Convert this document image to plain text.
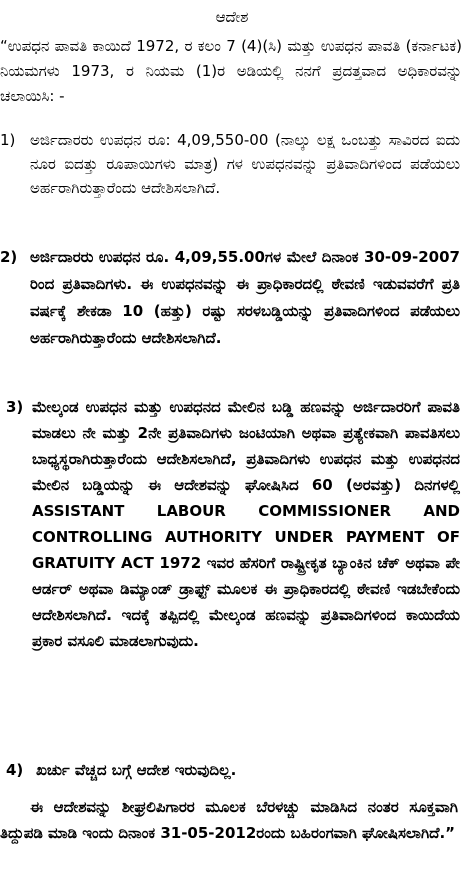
ಆದೇಶ
“ಉಪಧನ ಪಾವತಿ ಕಾಯಿದೆ 1972, ರ ಕಲಂ 7 (4)(ಸಿ) ಮತ್ತು ಉಪಧನ ಪಾವತಿ (ಕರ್ನಾಟಕ) ನಿಯಮಗಳು 1973, ರ ನಿಯಮ (1)ರ ಅಡಿಯಲ್ಲಿ ನನಗೆ ಪ್ರದತ್ತವಾದ ಅಧಿಕಾರವನ್ನು ಚಲಾಯಿಸಿ: -
1) ಅರ್ಜಿದಾರರು ಉಪಧನ ರೂ: 4,09,550-00 (ನಾಲ್ಕು ಲಕ್ಷ ಒಂಬತ್ತು ಸಾವಿರದ ಐದು ನೂರ ಐದತ್ತು ರೂಪಾಯಿಗಳು ಮಾತ್ರ) ಗಳ ಉಪಧನವನ್ನು ಪ್ರತಿವಾದಿಗಳಿಂದ ಪಡೆಯಲು ಅರ್ಹರಾಗಿರುತ್ತಾರೆಂದು ಆದೇಶಿಸಲಾಗಿದೆ.
2) ಅರ್ಜಿದಾರರು ಉಪಧನ ರೂ. 4,09,55.00ಗಳ ಮೇಲೆ ದಿನಾಂಕ 30-09-2007 ರಿಂದ ಪ್ರತಿವಾದಿಗಳು. ಈ ಉಪಧನವನ್ನು ಈ ಪ್ರಾಧಿಕಾರದಲ್ಲಿ ಠೇವಣಿ ಇಡುವವರೆಗೆ ಪ್ರತಿ ವರ್ಷಕ್ಕೆ ಶೇಕಡಾ 10 (ಹತ್ತು) ರಷ್ಟು ಸರಳಬಡ್ಡಿಯನ್ನು ಪ್ರತಿವಾದಿಗಳಿಂದ ಪಡೆಯಲು ಅರ್ಹರಾಗಿರುತ್ತಾರೆಂದು ಆದೇಶಿಸಲಾಗಿದೆ.
3) ಮೇಲ್ಕಂಡ ಉಪಧನ ಮತ್ತು ಉಪಧನದ ಮೇಲಿನ ಬಡ್ಡಿ ಹಣವನ್ನು ಅರ್ಜಿದಾರರಿಗೆ ಪಾವತಿ ಮಾಡಲು ನೇ ಮತ್ತು 2ನೇ ಪ್ರತಿವಾದಿಗಳು ಜಂಟಿಯಾಗಿ ಅಥವಾ ಪ್ರತ್ಯೇಕವಾಗಿ ಪಾವತಿಸಲು ಬಾಧ್ಯಸ್ಥರಾಗಿರುತ್ತಾರೆಂದು ಆದೇಶಿಸಲಾಗಿದೆ, ಪ್ರತಿವಾದಿಗಳು ಉಪಧನ ಮತ್ತು ಉಪಧನದ ಮೇಲಿನ ಬಡ್ಡಿಯನ್ನು ಈ ಆದೇಶವನ್ನು ಘೋಷಿಸಿದ 60 (ಅರವತ್ತು) ದಿನಗಳಲ್ಲಿ ASSISTANT LABOUR COMMISSIONER AND CONTROLLING AUTHORITY UNDER PAYMENT OF GRATUITY ACT 1972 ಇವರ ಹೆಸರಿಗೆ ರಾಷ್ಟ್ರೀಕೃತ ಬ್ಯಾಂಕಿನ ಚೆಕ್ ಅಥವಾ ಪೇ ಆರ್ಡರ್ ಅಥವಾ ಡಿಮ್ಯಾಂಡ್ ಡ್ರಾಫ್ಟ್ ಮೂಲಕ ಈ ಪ್ರಾಧಿಕಾರದಲ್ಲಿ ಠೇವಣಿ ಇಡಬೇಕೆಂದು ಆದೇಶಿಸಲಾಗಿದೆ. ಇದಕ್ಕೆ ತಪ್ಪಿದಲ್ಲಿ ಮೇಲ್ಕಂಡ ಹಣವನ್ನು ಪ್ರತಿವಾದಿಗಳಿಂದ ಕಾಯಿದೆಯ ಪ್ರಕಾರ ವಸೂಲಿ ಮಾಡಲಾಗುವುದು.
4) ಖರ್ಚು ವೆಚ್ಚದ ಬಗ್ಗೆ ಆದೇಶ ಇರುವುದಿಲ್ಲ.
ಈ ಆದೇಶವನ್ನು ಶೀಘ್ರಲಿಪಿಗಾರರ ಮೂಲಕ ಬೆರಳಚ್ಚು ಮಾಡಿಸಿದ ನಂತರ ಸೂಕ್ತವಾಗಿ ತಿದ್ದುಪಡಿ ಮಾಡಿ ಇಂದು ದಿನಾಂಕ 31-05-2012ರಂದು ಬಹಿರಂಗವಾಗಿ ಘೋಷಿಸಲಾಗಿದೆ.”
